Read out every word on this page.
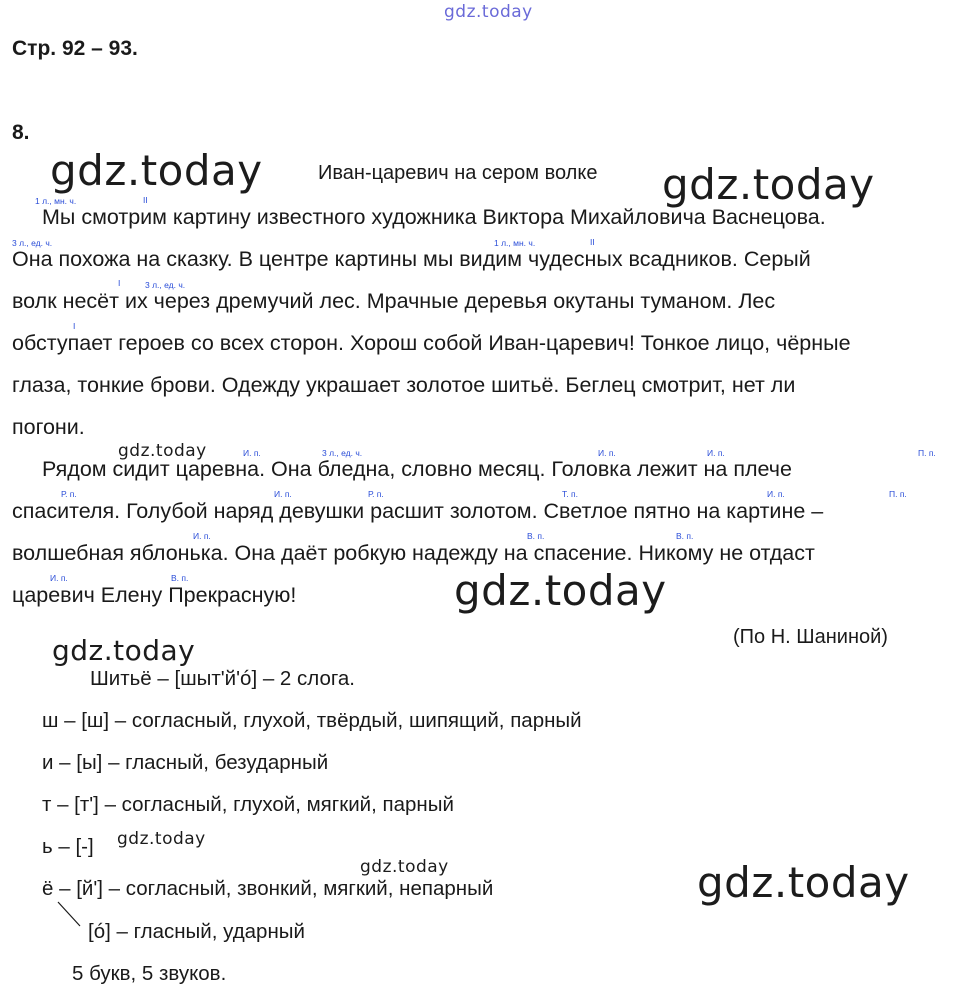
gdz.today
gdz.today	gdz.today
gdz.today
gdz.today
gdz.today
gdz.today
gdz.today	gdz.today
Стр. 92 – 93.
8.
Иван-царевич на сером волке
1 л., мн. ч.	II
3 л., ед. ч.	1 л., мн. ч.	II
I	3 л., ед. ч.
I
И. п.	3 л., ед. ч.	И. п.	И. п.	П. п.
Р. п.	И. п.	Р. п.	Т. п.	И. п.	П. п.
И. п.	В. п.	В. п.
И. п.	В. п.
Мы смотрим картину известного художника Виктора Михайловича Васнецова.
Она похожа на сказку. В центре картины мы видим чудесных всадников. Серый
волк несёт их через дремучий лес. Мрачные деревья окутаны туманом. Лес
обступает героев со всех сторон. Хорош собой Иван-царевич! Тонкое лицо, чёрные
глаза, тонкие брови. Одежду украшает золотое шитьё. Беглец смотрит, нет ли
погони.
Рядом сидит царевна. Она бледна, словно месяц. Головка лежит на плече
спасителя. Голубой наряд девушки расшит золотом. Светлое пятно на картине –
волшебная яблонька. Она даёт робкую надежду на спасение. Никому не отдаст
царевич Елену Прекрасную!
(По Н. Шаниной)
Шитьё – [шыт'й'ó] – 2 слога.
ш – [ш] – согласный, глухой, твёрдый, шипящий, парный
и – [ы] – гласный, безударный
т – [т'] – согласный, глухой, мягкий, парный
ь – [-]
ё – [й'] – согласный, звонкий, мягкий, непарный
[ó] – гласный, ударный
5 букв, 5 звуков.
